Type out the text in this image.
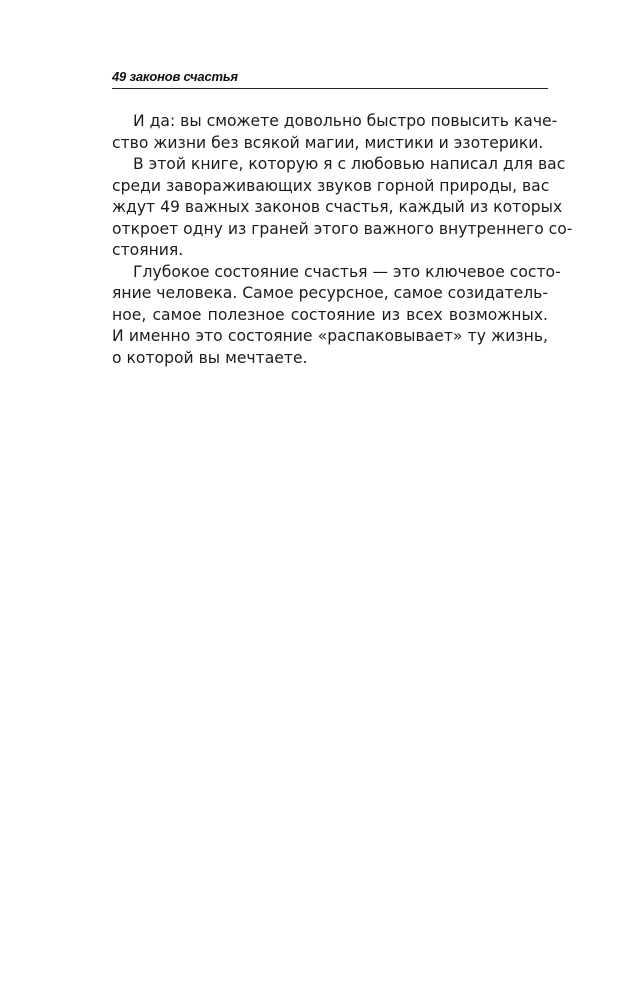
49 законов счастья
И да: вы сможете довольно быстро повысить каче-
ство жизни без всякой магии, мистики и эзотерики.
В этой книге, которую я с любовью написал для вас
среди завораживающих звуков горной природы, вас
ждут 49 важных законов счастья, каждый из которых
откроет одну из граней этого важного внутреннего со-
стояния.
Глубокое состояние счастья — это ключевое состо-
яние человека. Самое ресурсное, самое созидатель-
ное, самое полезное состояние из всех возможных.
И именно это состояние «распаковывает» ту жизнь,
о которой вы мечтаете.
